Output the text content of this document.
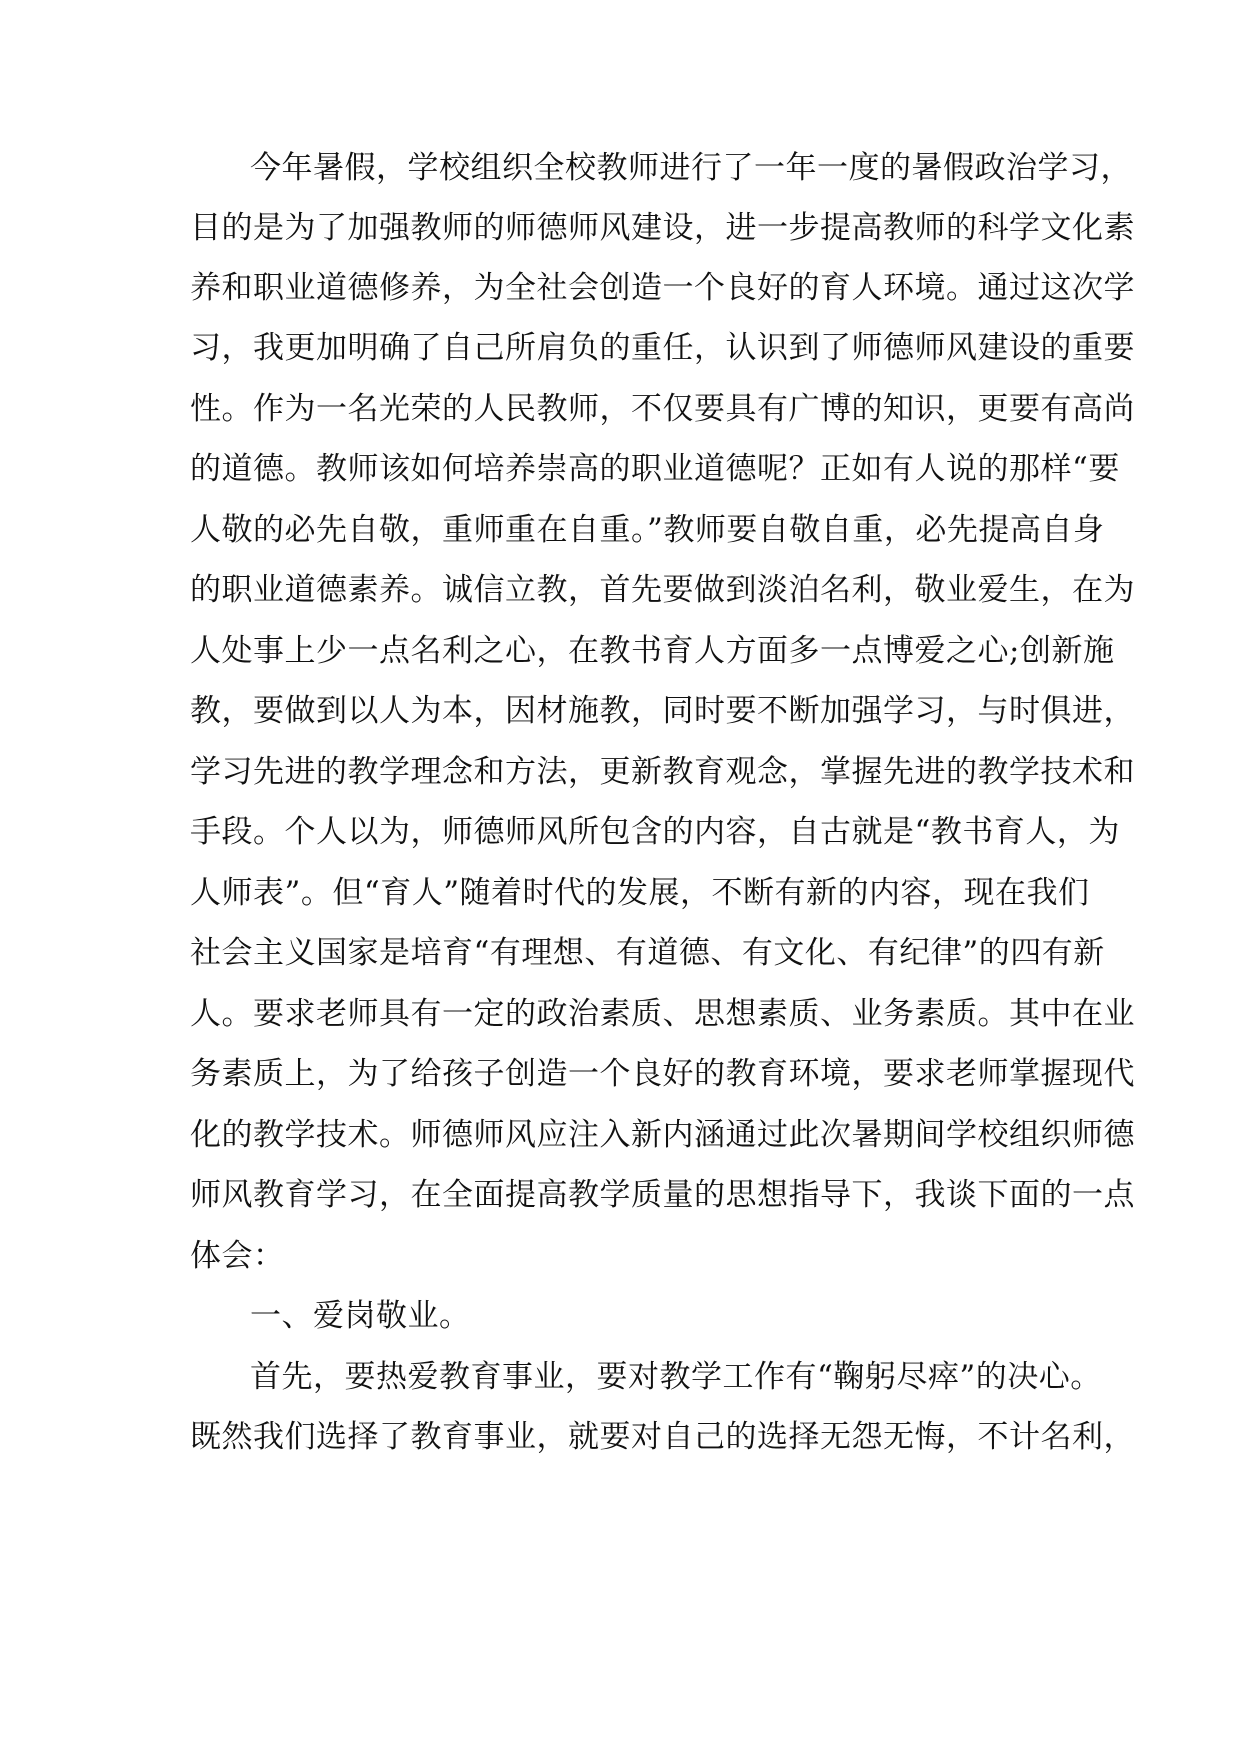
今年暑假，学校组织全校教师进行了一年一度的暑假政治学习，
目的是为了加强教师的师德师风建设，进一步提高教师的科学文化素
养和职业道德修养，为全社会创造一个良好的育人环境。通过这次学
习，我更加明确了自己所肩负的重任，认识到了师德师风建设的重要
性。作为一名光荣的人民教师，不仅要具有广博的知识，更要有高尚
的道德。教师该如何培养崇高的职业道德呢？正如有人说的那样“要
人敬的必先自敬，重师重在自重。”教师要自敬自重，必先提高自身
的职业道德素养。诚信立教，首先要做到淡泊名利，敬业爱生，在为
人处事上少一点名利之心，在教书育人方面多一点博爱之心;创新施
教，要做到以人为本，因材施教，同时要不断加强学习，与时俱进，
学习先进的教学理念和方法，更新教育观念，掌握先进的教学技术和
手段。个人以为，师德师风所包含的内容，自古就是“教书育人，为
人师表”。但“育人”随着时代的发展，不断有新的内容，现在我们
社会主义国家是培育“有理想、有道德、有文化、有纪律”的四有新
人。要求老师具有一定的政治素质、思想素质、业务素质。其中在业
务素质上，为了给孩子创造一个良好的教育环境，要求老师掌握现代
化的教学技术。师德师风应注入新内涵通过此次暑期间学校组织师德
师风教育学习，在全面提高教学质量的思想指导下，我谈下面的一点
体会：
一、爱岗敬业。
首先，要热爱教育事业，要对教学工作有“鞠躬尽瘁”的决心。
既然我们选择了教育事业，就要对自己的选择无怨无悔，不计名利，
